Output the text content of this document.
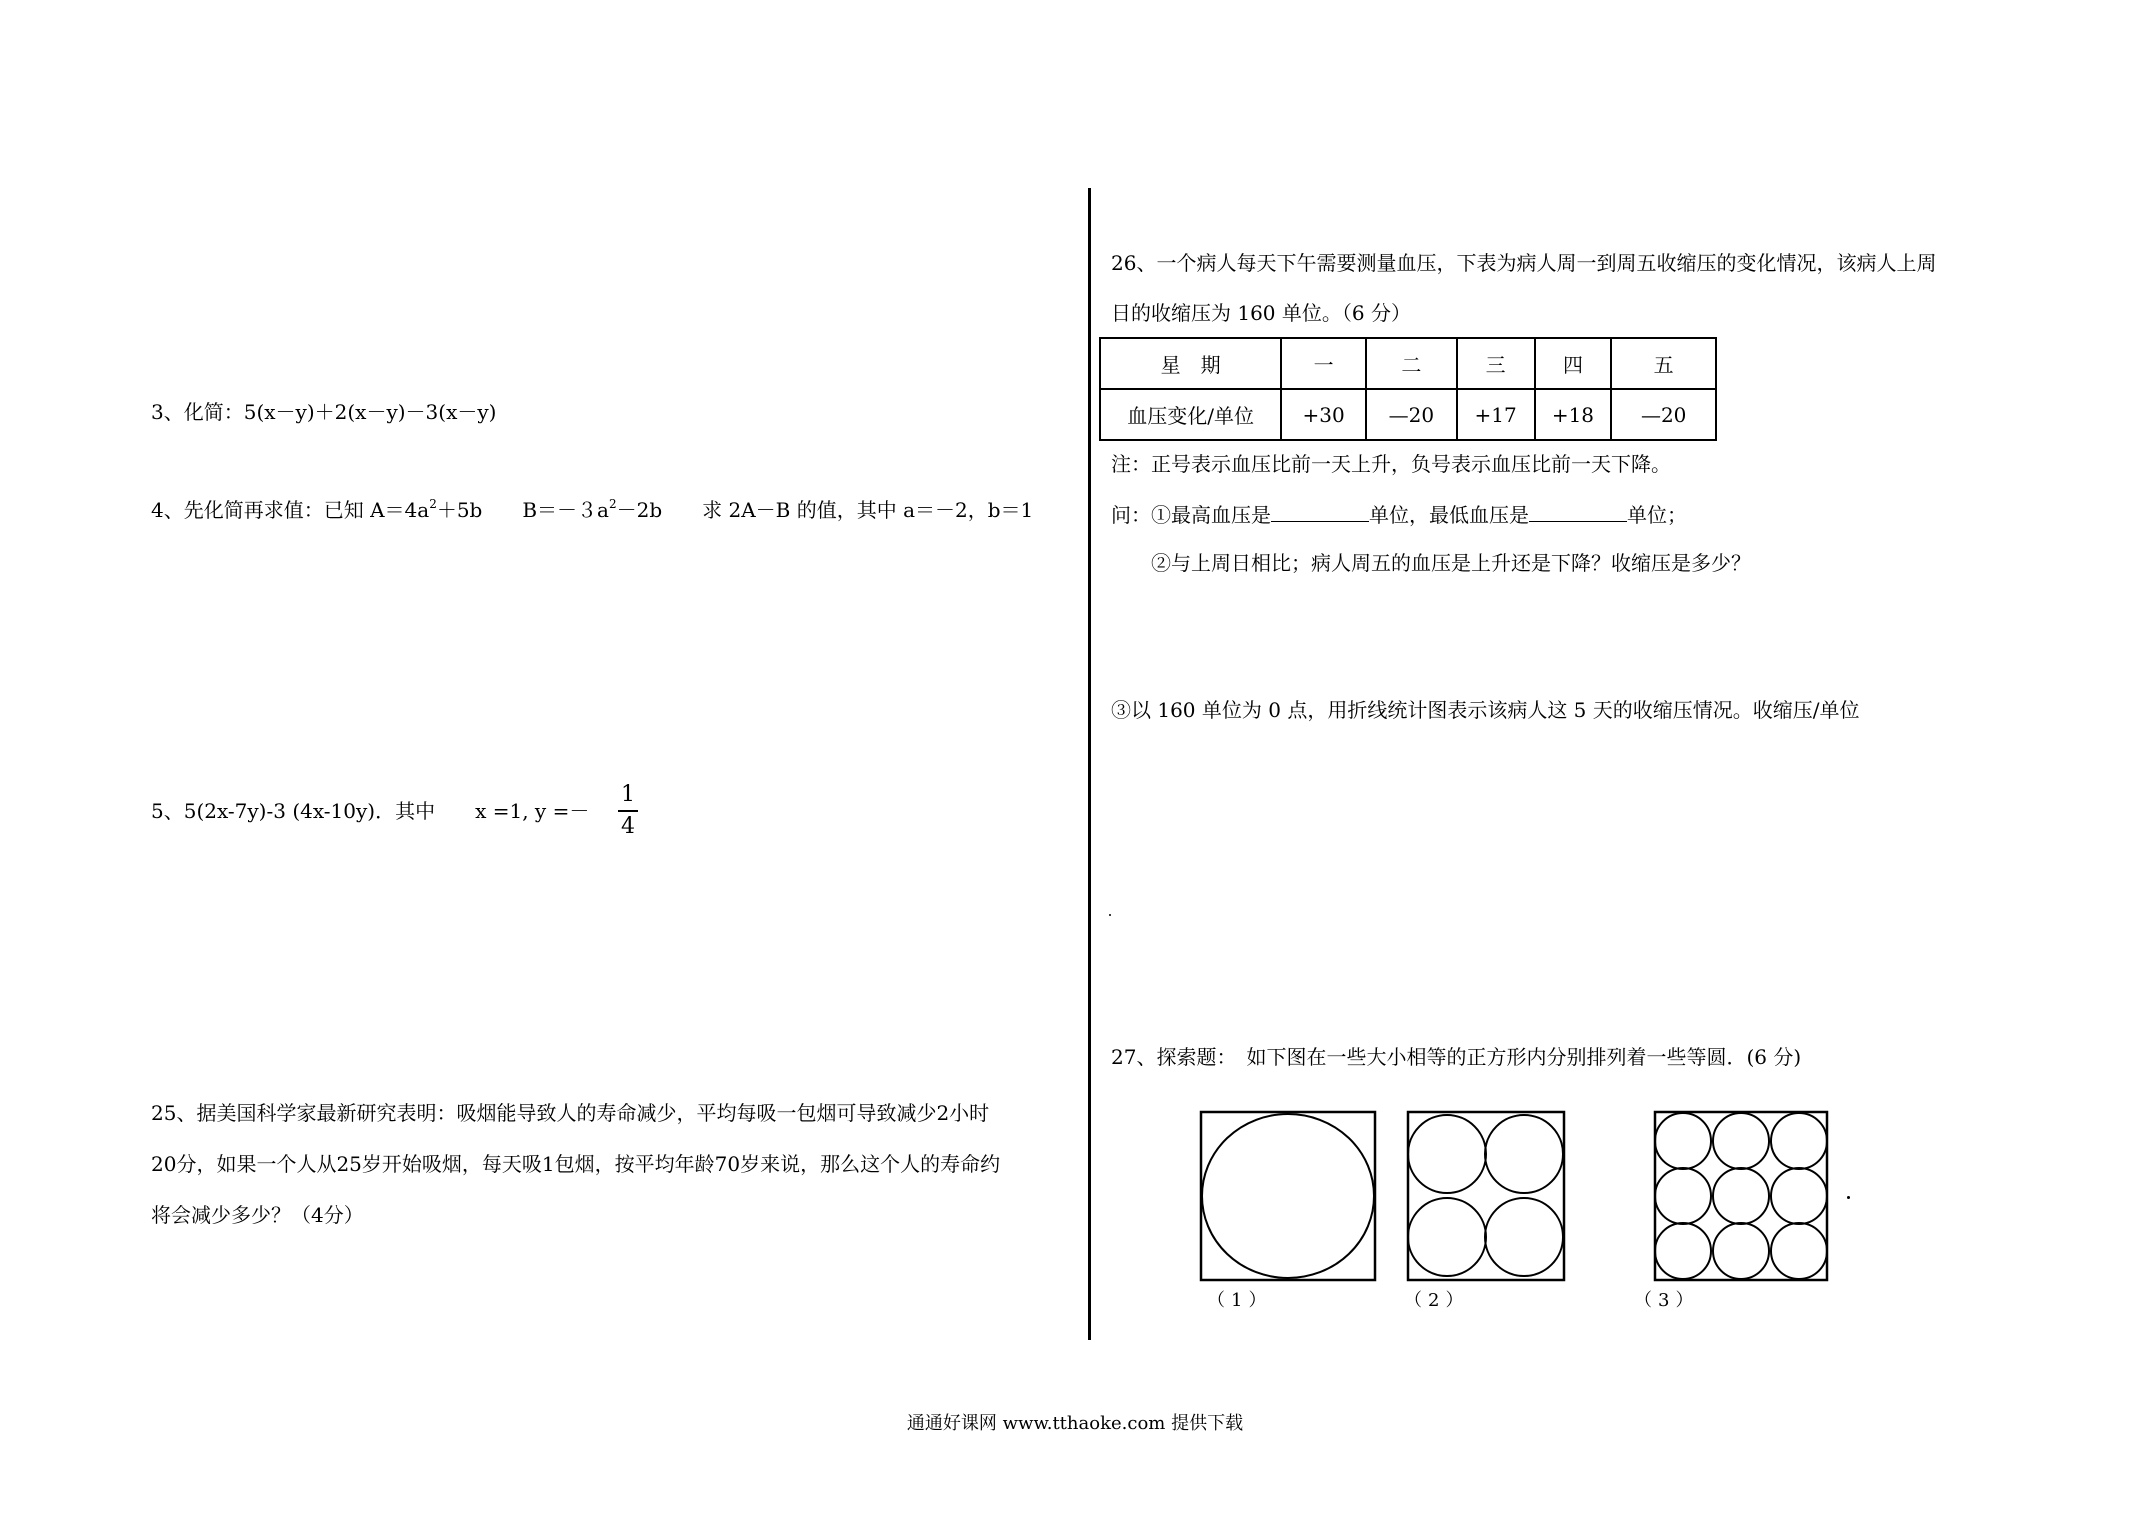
3、化简：5(x－y)＋2(x－y)－3(x－y)
4、先化简再求值：已知 $A=4a^2+5b$　　$B=-3a^2-2b$　　求 2A－B 的值，其中 a＝－2，b＝1
5、5(2x-7y)-3 (4x-10y)．其中　　x =1, y =－
1
4
25、据美国科学家最新研究表明：吸烟能导致人的寿命减少，平均每吸一包烟可导致减少2小时
20分，如果一个人从25岁开始吸烟，每天吸1包烟，按平均年龄70岁来说，那么这个人的寿命约
将会减少多少？（4分）
26、一个病人每天下午需要测量血压，下表为病人周一到周五收缩压的变化情况，该病人上周
日的收缩压为 160 单位。（6 分）
星　期	一	二	三	四	五
血压变化/单位	+30	—20	+17	+18	—20
注：正号表示血压比前一天上升，负号表示血压比前一天下降。
问：①最高血压是	单位，最低血压是	单位；
②与上周日相比；病人周五的血压是上升还是下降？收缩压是多少？
③以 160 单位为 0 点，用折线统计图表示该病人这 5 天的收缩压情况。收缩压/单位
27、探索题：　如下图在一些大小相等的正方形内分别排列着一些等圆．(6 分)
（1）	（2）	（3）
通通好课网 www.tthaoke.com 提供下载
